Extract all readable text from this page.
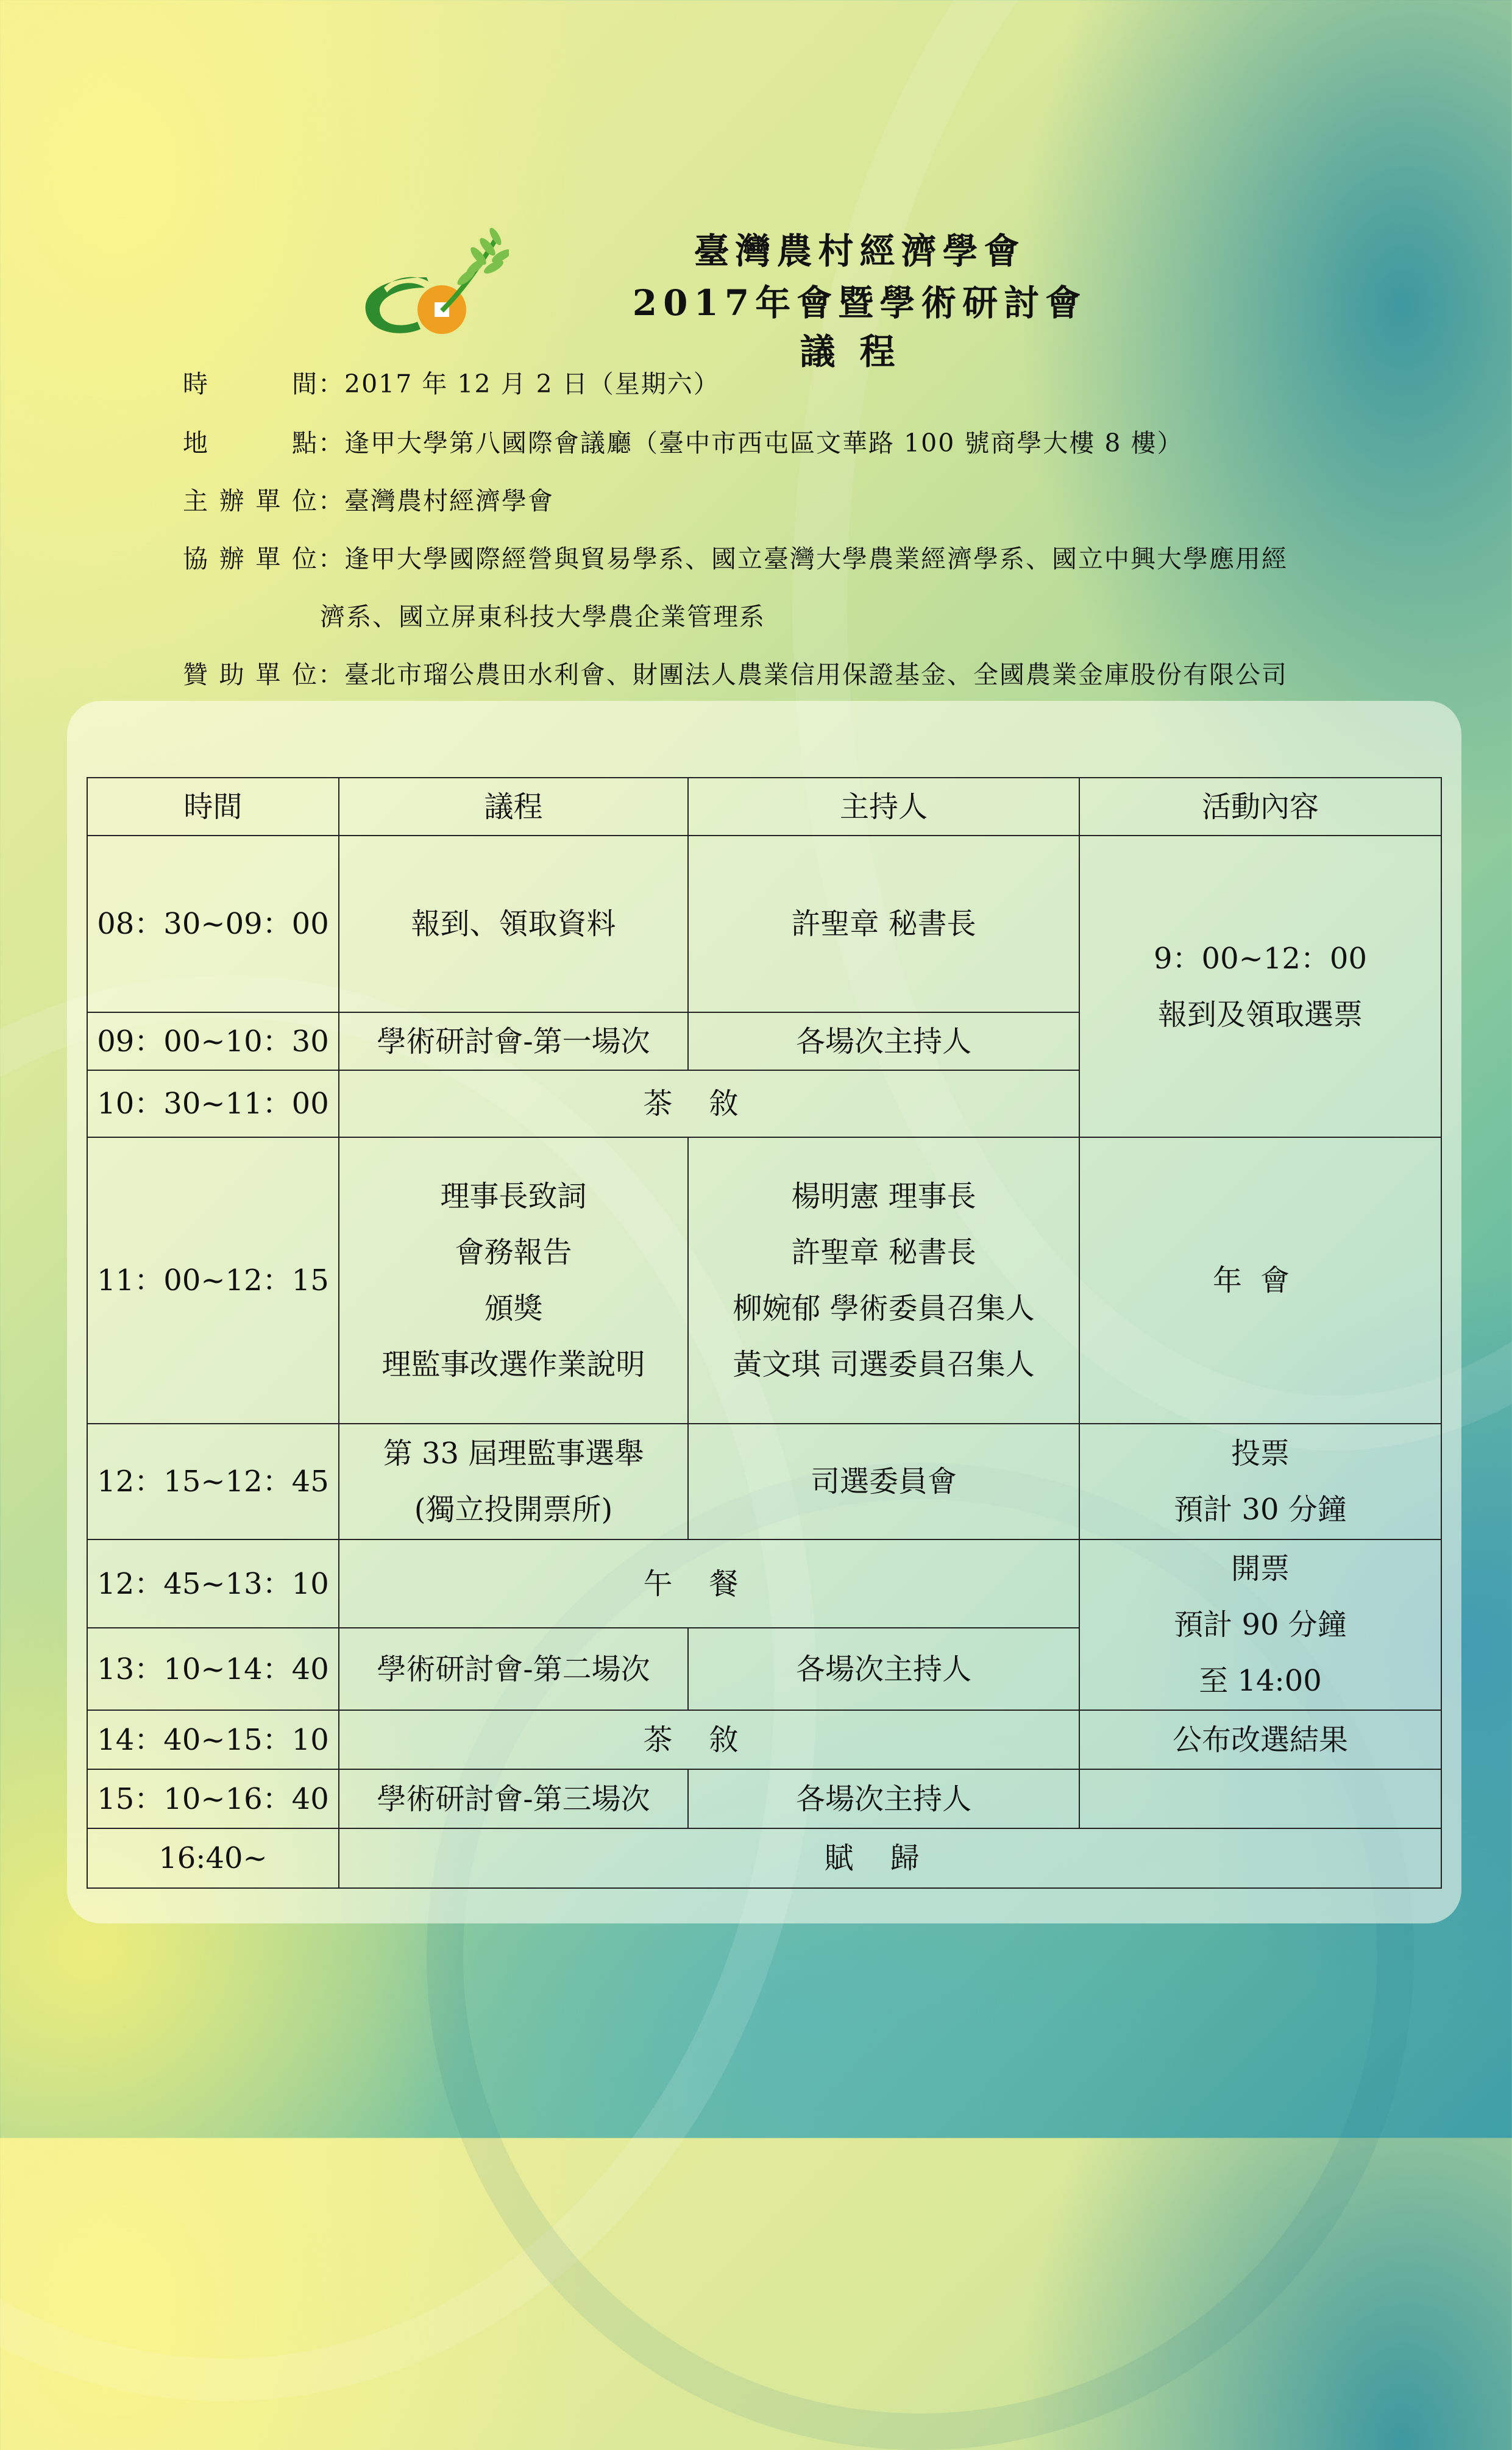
臺灣農村經濟學會
2017年會暨學術研討會
議程
時間：2017 年 12 月 2 日（星期六）
地點：逢甲大學第八國際會議廳（臺中市西屯區文華路 100 號商學大樓 8 樓）
主辦單位：臺灣農村經濟學會
協辦單位：逢甲大學國際經營與貿易學系、國立臺灣大學農業經濟學系、國立中興大學應用經
濟系、國立屏東科技大學農企業管理系
贊助單位：臺北市瑠公農田水利會、財團法人農業信用保證基金、全國農業金庫股份有限公司
時間	議程	主持人	活動內容
08：30~09：00	報到、領取資料	許聖章 秘書長	9：00~12：00
報到及領取選票

09：00~10：30	學術研討會-第一場次	各場次主持人	
10：30~11：00	茶敘		
11：00~12：15	理事長致詞
會務報告
頒獎
理監事改選作業說明	楊明憲 理事長
許聖章 秘書長
柳婉郁 學術委員召集人
黃文琪 司選委員召集人	年會
12：15~12：45	第 33 屆理監事選舉
(獨立投開票所)	司選委員會	投票
預計 30 分鐘

12：45~13：10	午餐		開票
預計 90 分鐘
至 14:00

13：10~14：40	學術研討會-第二場次	各場次主持人	
14：40~15：10	茶敘		公布改選結果
15：10~16：40	學術研討會-第三場次	各場次主持人	
16:40~	賦歸		
